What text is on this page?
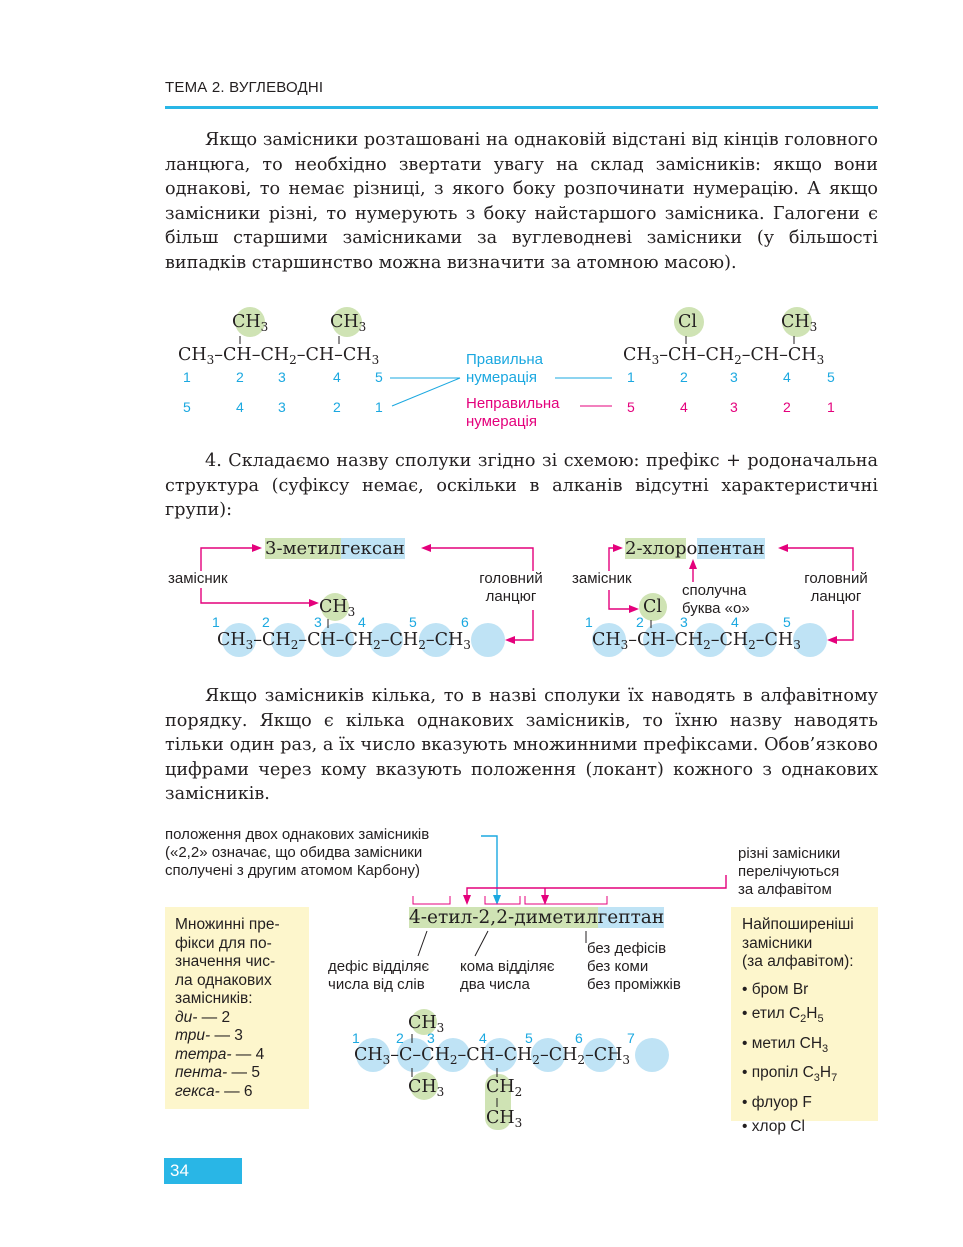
ТЕМА 2. ВУГЛЕВОДНІ
Якщо замісники розташовані на однаковій відстані від кінців головного ланцюга, то необхідно звертати увагу на склад замісників: якщо вони однакові, то немає різниці, з якого боку розпочинати нумерацію. А якщо замісники різні, то нумерують з боку найстаршого замісника. Галогени є більш старшими замісниками за вуглеводневі замісники (у більшості випадків старшинство можна визначити за атомною масою).
$CH_3$	$CH_3$
$CH_3-CH-CH_2-CH-CH_3$
1	2 3	4 5
5	4 3	2 1
Правильна
нумерація
Неправильна
нумерація
Cl	$CH_3$
$CH_3-CH-CH_2-CH-CH_3$
1	2	3	4	5
5	4	3	2	1
4. Складаємо назву сполуки згідно зі схемою: префікс + родоначальна структура (суфіксу немає, оскільки в алканів відсутні характеристичні групи):
3-метилгексан
замісник	головний
ланцюг
$CH_3$
1	2	3	4	5	6
$CH_3-CH_2-CH-CH_2-CH_2-CH_3$
2-хлоропентан
замісник
сполучна
буква «о»
головний
ланцюг
Cl
1	2	3	4	5
$CH_3-CH-CH_2-CH_2-CH_3$
Якщо замісників кілька, то в назві сполуки їх наводять в алфавітному порядку. Якщо є кілька однакових замісників, то їхню назву наводять тільки один раз, а їх число вказують множинними префіксами. Обов’язково цифрами через кому вказують положення (локант) кожного з однакових замісників.
положення двох однакових замісників
(«2,2» означає, що обидва замісники
сполучені з другим атомом Карбону)
різні замісники
перелічуються
за алфавітом
4-етил-2,2-диметилгептан
дефіс відділяє
числа від слів
кома відділяє
два числа
без дефісів
без коми
без проміжків
$CH_3$
1	2 3	4	5	6	7
$CH_3-C-CH_2-CH-CH_2-CH_2-CH_3$
$CH_3$ $CH_2$
$CH_3$
Множинні пре-
фікси для по-
значення чис-
ла однакових
замісників:
ди- — 2
три- — 3
тетра- — 4
пента- — 5
гекса- — 6
Найпоширеніші
замісники
(за алфавітом):
• бром Br
• етил $C_2H_5$
• метил $CH_3$
• пропіл $C_3H_7$
• флуор F
• хлор Cl
34
